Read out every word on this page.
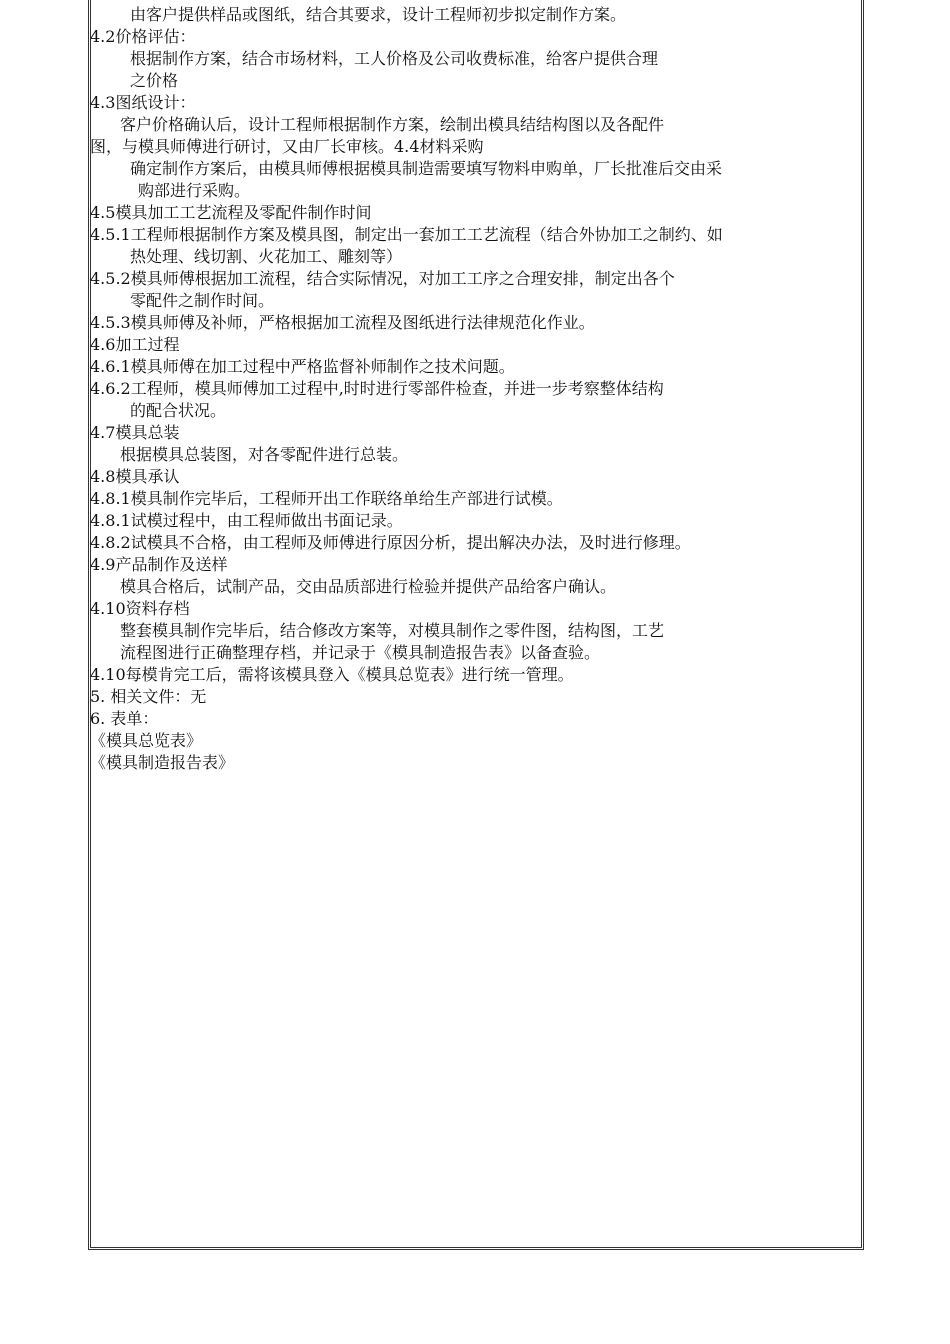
由客户提供样品或图纸，结合其要求，设计工程师初步拟定制作方案。
4.2价格评估：
根据制作方案，结合市场材料，工人价格及公司收费标准，给客户提供合理
之价格
4.3图纸设计：
客户价格确认后，设计工程师根据制作方案，绘制出模具结结构图以及各配件
图，与模具师傅进行研讨，又由厂长审核。4.4材料采购
确定制作方案后，由模具师傅根据模具制造需要填写物料申购单，厂长批准后交由采
购部进行采购。
4.5模具加工工艺流程及零配件制作时间
4.5.1工程师根据制作方案及模具图，制定出一套加工工艺流程（结合外协加工之制约、如
热处理、线切割、火花加工、雕刻等）
4.5.2模具师傅根据加工流程，结合实际情况，对加工工序之合理安排，制定出各个
零配件之制作时间。
4.5.3模具师傅及补师，严格根据加工流程及图纸进行法律规范化作业。
4.6加工过程
4.6.1模具师傅在加工过程中严格监督补师制作之技术问题。
4.6.2工程师，模具师傅加工过程中,时时进行零部件检查，并进一步考察整体结构
的配合状况。
4.7模具总装
根据模具总装图，对各零配件进行总装。
4.8模具承认
4.8.1模具制作完毕后，工程师开出工作联络单给生产部进行试模。
4.8.1试模过程中，由工程师做出书面记录。
4.8.2试模具不合格，由工程师及师傅进行原因分析，提出解决办法，及时进行修理。
4.9产品制作及送样
模具合格后，试制产品，交由品质部进行检验并提供产品给客户确认。
4.10资料存档
整套模具制作完毕后，结合修改方案等，对模具制作之零件图，结构图，工艺
流程图进行正确整理存档，并记录于《模具制造报告表》以备查验。
4.10每模肯完工后，需将该模具登入《模具总览表》进行统一管理。
5. 相关文件：无
6. 表单：
《模具总览表》
《模具制造报告表》
